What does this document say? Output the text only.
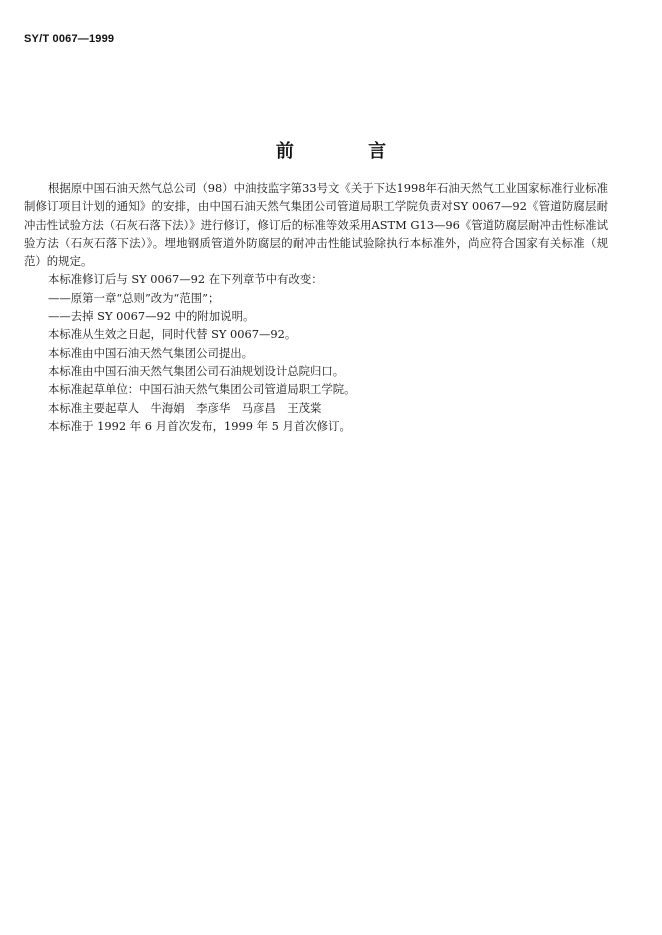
SY/T 0067—1999
前 言

根据原中国石油天然气总公司（98）中油技监字第33号文《关于下达1998年石油天然气工业国家标准行业标准制修订项目计划的通知》的安排，由中国石油天然气集团公司管道局职工学院负责对SY 0067—92《管道防腐层耐冲击性试验方法（石灰石落下法）》进行修订，修订后的标准等效采用ASTM G13—96《管道防腐层耐冲击性标准试验方法（石灰石落下法）》。埋地钢质管道外防腐层的耐冲击性能试验除执行本标准外，尚应符合国家有关标准（规范）的规定。

本标准修订后与 SY 0067—92 在下列章节中有改变：

——原第一章“总则”改为“范围”；

——去掉 SY 0067—92 中的附加说明。

本标准从生效之日起，同时代替 SY 0067—92。

本标准由中国石油天然气集团公司提出。

本标准由中国石油天然气集团公司石油规划设计总院归口。

本标准起草单位：中国石油天然气集团公司管道局职工学院。

本标准主要起草人　牛海娟　李彦华　马彦昌　王茂棠

本标准于 1992 年 6 月首次发布，1999 年 5 月首次修订。
